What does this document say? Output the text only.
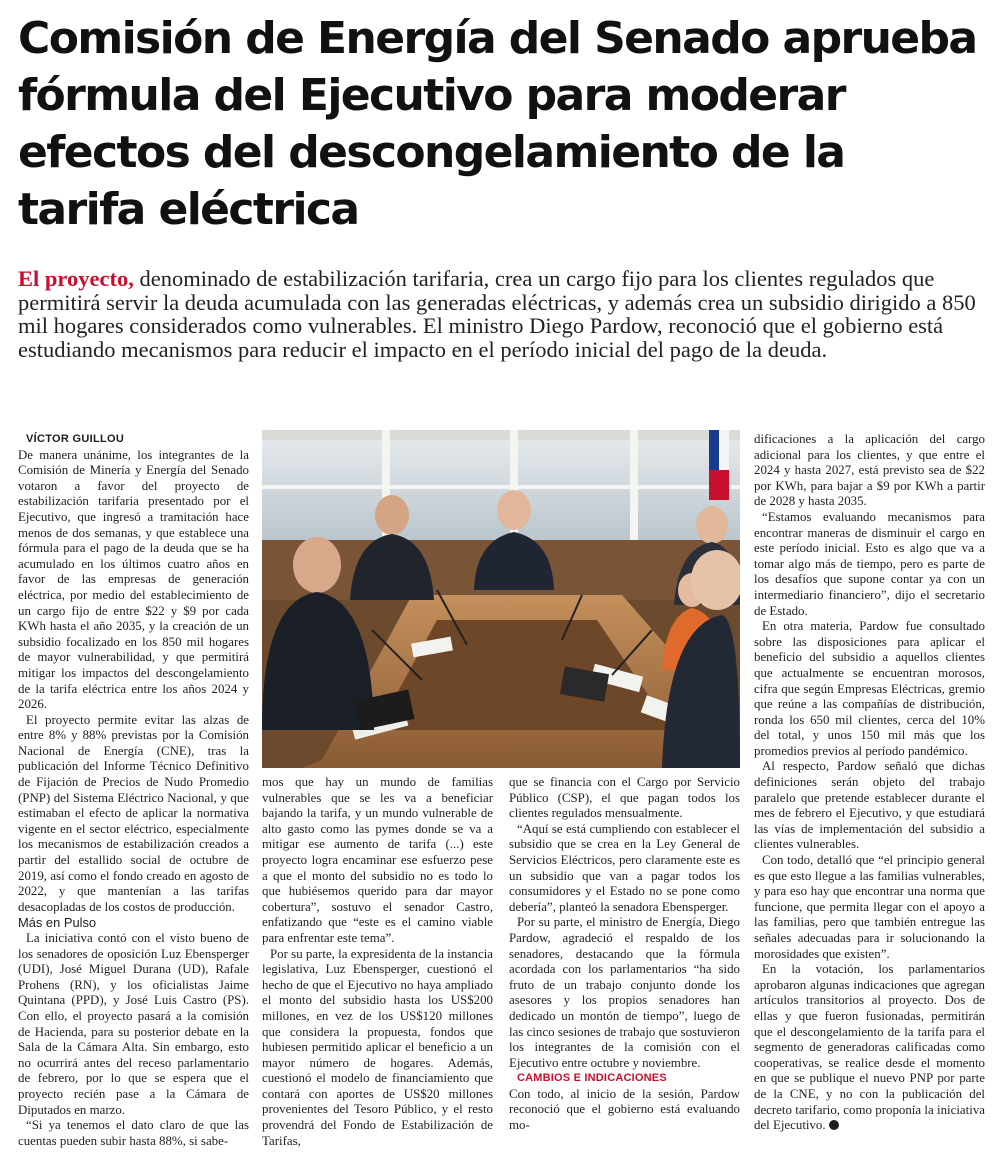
Comisión de Energía del Senado aprueba fórmula del Ejecutivo para moderar efectos del descongelamiento de la tarifa eléctrica

El proyecto, denominado de estabilización tarifaria, crea un cargo fijo para los clientes regulados que permitirá servir la deuda acumulada con las generadas eléctricas, y además crea un subsidio dirigido a 850 mil hogares considerados como vulnerables. El ministro Diego Pardow, reconoció que el gobierno está estudiando mecanismos para reducir el impacto en el período inicial del pago de la deuda.

VÍCTOR GUILLOU

De manera unánime, los integrantes de la Comisión de Minería y Energía del Senado votaron a favor del proyecto de estabilización tarifaria presentado por el Ejecutivo, que ingresó a tramitación hace menos de dos semanas, y que establece una fórmula para el pago de la deuda que se ha acumulado en los últimos cuatro años en favor de las empresas de generación eléctrica, por medio del establecimiento de un cargo fijo de entre $22 y $9 por cada KWh hasta el año 2035, y la creación de un subsidio focalizado en los 850 mil hogares de mayor vulnerabilidad, y que permitirá mitigar los impactos del descongelamiento de la tarifa eléctrica entre los años 2024 y 2026.

El proyecto permite evitar las alzas de entre 8% y 88% previstas por la Comisión Nacional de Energía (CNE), tras la publicación del Informe Técnico Definitivo de Fijación de Precios de Nudo Promedio (PNP) del Sistema Eléctrico Nacional, y que estimaban el efecto de aplicar la normativa vigente en el sector eléctrico, especialmente los mecanismos de estabilización creados a partir del estallido social de octubre de 2019, así como el fondo creado en agosto de 2022, y que mantenían a las tarifas desacopladas de los costos de producción.

Más en Pulso

La iniciativa contó con el visto bueno de los senadores de oposición Luz Ebensperger (UDI), José Miguel Durana (UD), Rafale Prohens (RN), y los oficialistas Jaime Quintana (PPD), y José Luis Castro (PS). Con ello, el proyecto pasará a la comisión de Hacienda, para su posterior debate en la Sala de la Cámara Alta. Sin embargo, esto no ocurrirá antes del receso parlamentario de febrero, por lo que se espera que el proyecto recién pase a la Cámara de Diputados en marzo.

“Si ya tenemos el dato claro de que las cuentas pueden subir hasta 88%, si sabe-

mos que hay un mundo de familias vulnerables que se les va a beneficiar bajando la tarifa, y un mundo vulnerable de alto gasto como las pymes donde se va a mitigar ese aumento de tarifa (...) este proyecto logra encaminar ese esfuerzo pese a que el monto del subsidio no es todo lo que hubiésemos querido para dar mayor cobertura”, sostuvo el senador Castro, enfatizando que “este es el camino viable para enfrentar este tema”.

Por su parte, la expresidenta de la instancia legislativa, Luz Ebensperger, cuestionó el hecho de que el Ejecutivo no haya ampliado el monto del subsidio hasta los US$200 millones, en vez de los US$120 millones que considera la propuesta, fondos que hubiesen permitido aplicar el beneficio a un mayor número de hogares. Además, cuestionó el modelo de financiamiento que contará con aportes de US$20 millones provenientes del Tesoro Público, y el resto provendrá del Fondo de Estabilización de Tarifas,

que se financia con el Cargo por Servicio Público (CSP), el que pagan todos los clientes regulados mensualmente.

“Aquí se está cumpliendo con establecer el subsidio que se crea en la Ley General de Servicios Eléctricos, pero claramente este es un subsidio que van a pagar todos los consumidores y el Estado no se pone como debería”, planteó la senadora Ebensperger.

Por su parte, el ministro de Energía, Diego Pardow, agradeció el respaldo de los senadores, destacando que la fórmula acordada con los parlamentarios “ha sido fruto de un trabajo conjunto donde los asesores y los propios senadores han dedicado un montón de tiempo”, luego de las cinco sesiones de trabajo que sostuvieron los integrantes de la comisión con el Ejecutivo entre octubre y noviembre.

CAMBIOS E INDICACIONES

Con todo, al inicio de la sesión, Pardow reconoció que el gobierno está evaluando mo-

dificaciones a la aplicación del cargo adicional para los clientes, y que entre el 2024 y hasta 2027, está previsto sea de $22 por KWh, para bajar a $9 por KWh a partir de 2028 y hasta 2035.

“Estamos evaluando mecanismos para encontrar maneras de disminuir el cargo en este período inicial. Esto es algo que va a tomar algo más de tiempo, pero es parte de los desafíos que supone contar ya con un intermediario financiero”, dijo el secretario de Estado.

En otra materia, Pardow fue consultado sobre las disposiciones para aplicar el beneficio del subsidio a aquellos clientes que actualmente se encuentran morosos, cifra que según Empresas Eléctricas, gremio que reúne a las compañías de distribución, ronda los 650 mil clientes, cerca del 10% del total, y unos 150 mil más que los promedios previos al período pandémico.

Al respecto, Pardow señaló que dichas definiciones serán objeto del trabajo paralelo que pretende establecer durante el mes de febrero el Ejecutivo, y que estudiará las vías de implementación del subsidio a clientes vulnerables.

Con todo, detalló que “el principio general es que esto llegue a las familias vulnerables, y para eso hay que encontrar una norma que funcione, que permita llegar con el apoyo a las familias, pero que también entregue las señales adecuadas para ir solucionando la morosidades que existen”.

En la votación, los parlamentarios aprobaron algunas indicaciones que agregan artículos transitorios al proyecto. Dos de ellas y que fueron fusionadas, permitirán que el descongelamiento de la tarifa para el segmento de generadoras calificadas como cooperativas, se realice desde el momento en que se publique el nuevo PNP por parte de la CNE, y no con la publicación del decreto tarifario, como proponía la iniciativa del Ejecutivo.
